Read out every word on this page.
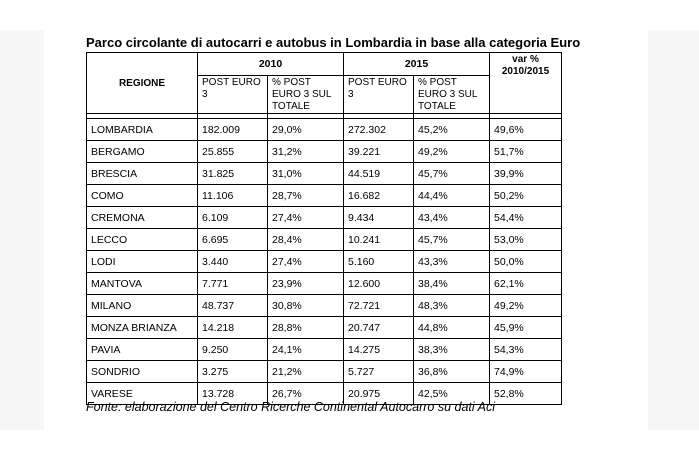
Parco circolante di autocarri e autobus in Lombardia in base alla categoria Euro
REGIONE	2010		2015		var % 2010/2015
	POST EURO 3	% POST EURO 3 SUL TOTALE	POST EURO 3	% POST EURO 3 SUL TOTALE	

LOMBARDIA	182.009	29,0%	272.302	45,2%	49,6%
BERGAMO	25.855	31,2%	39.221	49,2%	51,7%
BRESCIA	31.825	31,0%	44.519	45,7%	39,9%
COMO	11.106	28,7%	16.682	44,4%	50,2%
CREMONA	6.109	27,4%	9.434	43,4%	54,4%
LECCO	6.695	28,4%	10.241	45,7%	53,0%
LODI	3.440	27,4%	5.160	43,3%	50,0%
MANTOVA	7.771	23,9%	12.600	38,4%	62,1%
MILANO	48.737	30,8%	72.721	48,3%	49,2%
MONZA BRIANZA	14.218	28,8%	20.747	44,8%	45,9%
PAVIA	9.250	24,1%	14.275	38,3%	54,3%
SONDRIO	3.275	21,2%	5.727	36,8%	74,9%
VARESE	13.728	26,7%	20.975	42,5%	52,8%
Fonte: elaborazione del Centro Ricerche Continental Autocarro su dati Aci
